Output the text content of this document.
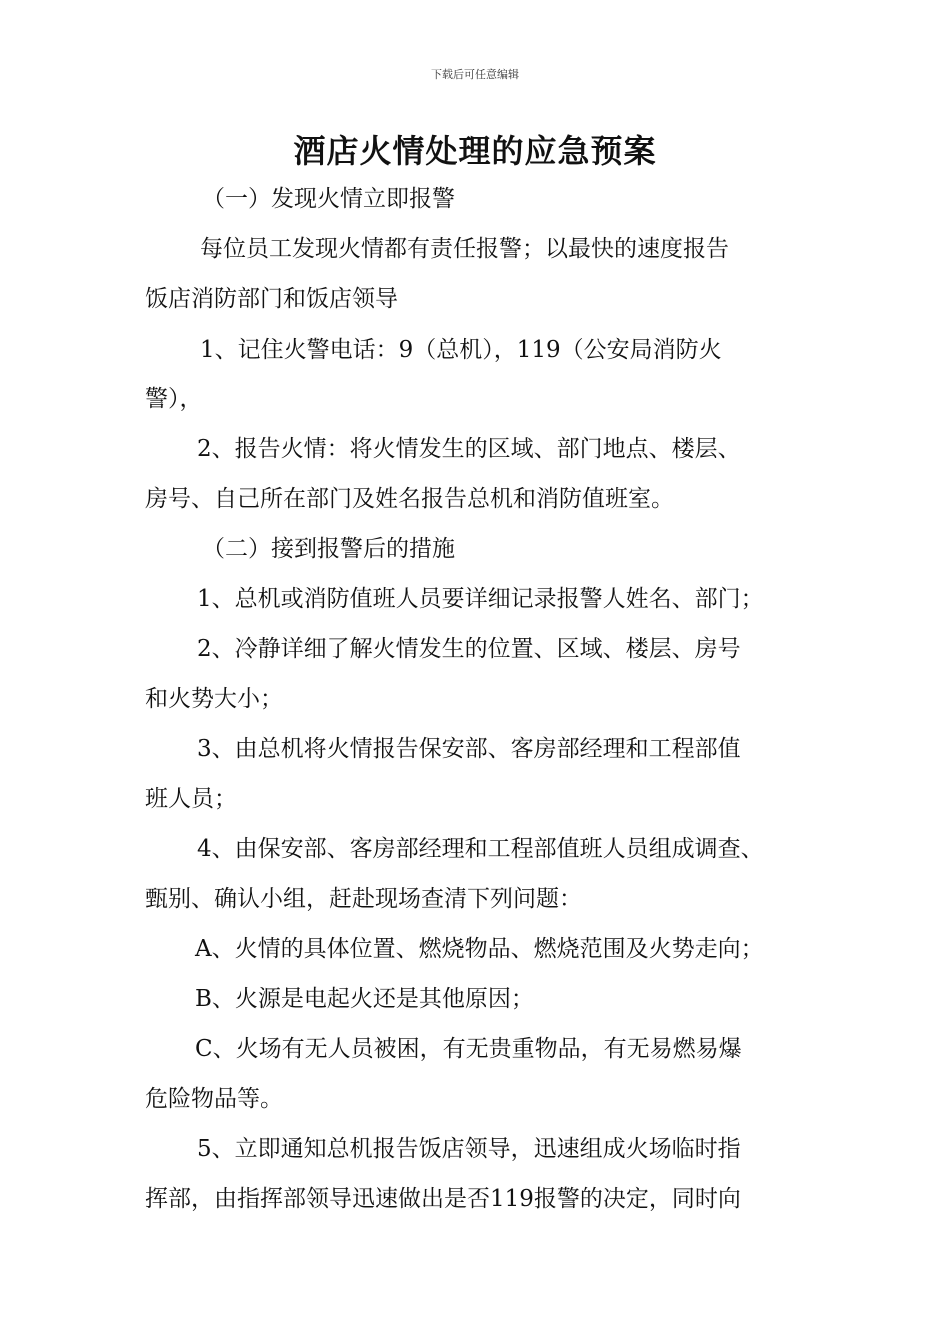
下载后可任意编辑
酒店火情处理的应急预案
（一）发现火情立即报警
每位员工发现火情都有责任报警；以最快的速度报告
饭店消防部门和饭店领导
1、记住火警电话：9（总机），119（公安局消防火
警），
2、报告火情：将火情发生的区域、部门地点、楼层、
房号、自己所在部门及姓名报告总机和消防值班室。
（二）接到报警后的措施
1、总机或消防值班人员要详细记录报警人姓名、部门；
2、冷静详细了解火情发生的位置、区域、楼层、房号
和火势大小；
3、由总机将火情报告保安部、客房部经理和工程部值
班人员；
4、由保安部、客房部经理和工程部值班人员组成调查、
甄别、确认小组，赶赴现场查清下列问题：
A、火情的具体位置、燃烧物品、燃烧范围及火势走向；
B、火源是电起火还是其他原因；
C、火场有无人员被困，有无贵重物品，有无易燃易爆
危险物品等。
5、立即通知总机报告饭店领导，迅速组成火场临时指
挥部，由指挥部领导迅速做出是否119报警的决定，同时向
